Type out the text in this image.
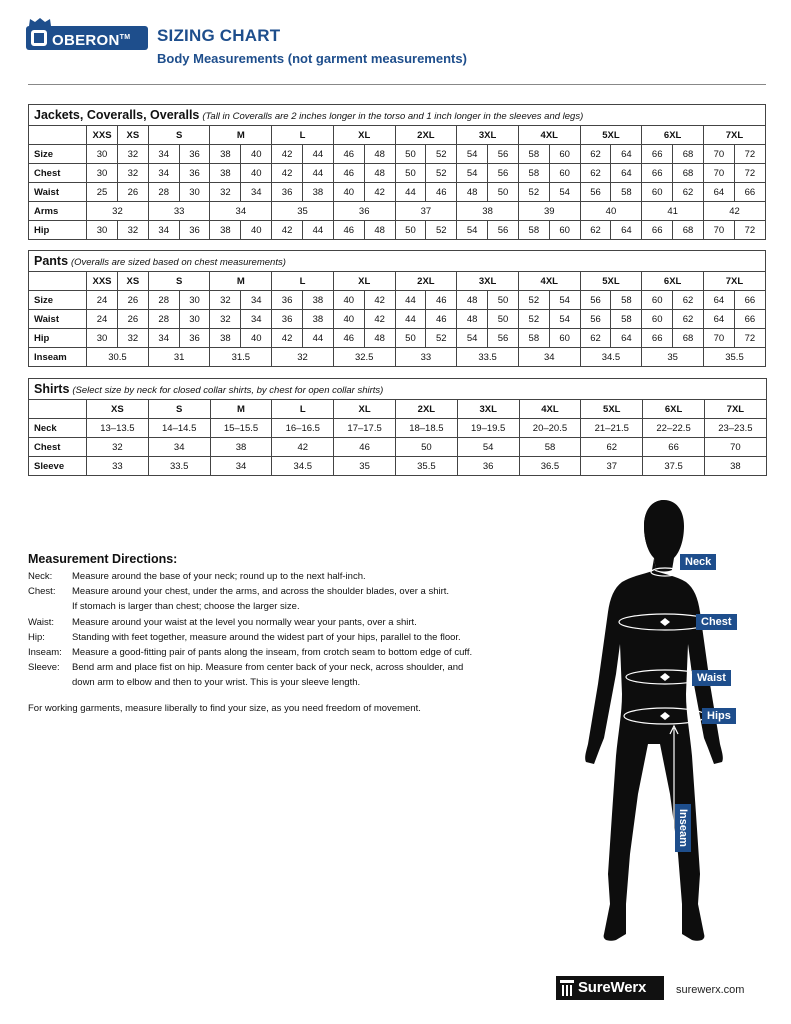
OBERON™	SIZING CHART
Body Measurements (not garment measurements)
Jackets, Coveralls, Overalls (Tall in Coveralls are 2 inches longer in the torso and 1 inch longer in the sleeves and legs)																						
	XXS	XS	S		M		L		XL		2XL		3XL		4XL		5XL		6XL		7XL	
Size	30	32	34	36	38	40	42	44	46	48	50	52	54	56	58	60	62	64	66	68	70	72
Chest	30	32	34	36	38	40	42	44	46	48	50	52	54	56	58	60	62	64	66	68	70	72
Waist	25	26	28	30	32	34	36	38	40	42	44	46	48	50	52	54	56	58	60	62	64	66
Arms	32		33		34		35		36		37		38		39		40		41		42	
Hip	30	32	34	36	38	40	42	44	46	48	50	52	54	56	58	60	62	64	66	68	70	72
Pants (Overalls are sized based on chest measurements)																						
	XXS	XS	S		M		L		XL		2XL		3XL		4XL		5XL		6XL		7XL	
Size	24	26	28	30	32	34	36	38	40	42	44	46	48	50	52	54	56	58	60	62	64	66
Waist	24	26	28	30	32	34	36	38	40	42	44	46	48	50	52	54	56	58	60	62	64	66
Hip	30	32	34	36	38	40	42	44	46	48	50	52	54	56	58	60	62	64	66	68	70	72
Inseam	30.5		31		31.5		32		32.5		33		33.5		34		34.5		35		35.5	
Shirts (Select size by neck for closed collar shirts, by chest for open collar shirts)											
	XS	S	M	L	XL	2XL	3XL	4XL	5XL	6XL	7XL
Neck	13–13.5	14–14.5	15–15.5	16–16.5	17–17.5	18–18.5	19–19.5	20–20.5	21–21.5	22–22.5	23–23.5
Chest	32	34	38	42	46	50	54	58	62	66	70
Sleeve	33	33.5	34	34.5	35	35.5	36	36.5	37	37.5	38
Measurement Directions:
Neck:	Measure around the base of your neck; round up to the next half-inch.
Chest:	Measure around your chest, under the arms, and across the shoulder blades, over a shirt.
If stomach is larger than chest; choose the larger size.
Waist:	Measure around your waist at the level you normally wear your pants, over a shirt.
Hip:	Standing with feet together, measure around the widest part of your hips, parallel to the floor.
Inseam:	Measure a good-fitting pair of pants along the inseam, from crotch seam to bottom edge of cuff.
Sleeve:	Bend arm and place fist on hip. Measure from center back of your neck, across shoulder, and
down arm to elbow and then to your wrist. This is your sleeve length.
For working garments, measure liberally to find your size, as you need freedom of movement.
Neck
Chest
Waist
Hips
Inseam
SureWerx	surewerx.com
